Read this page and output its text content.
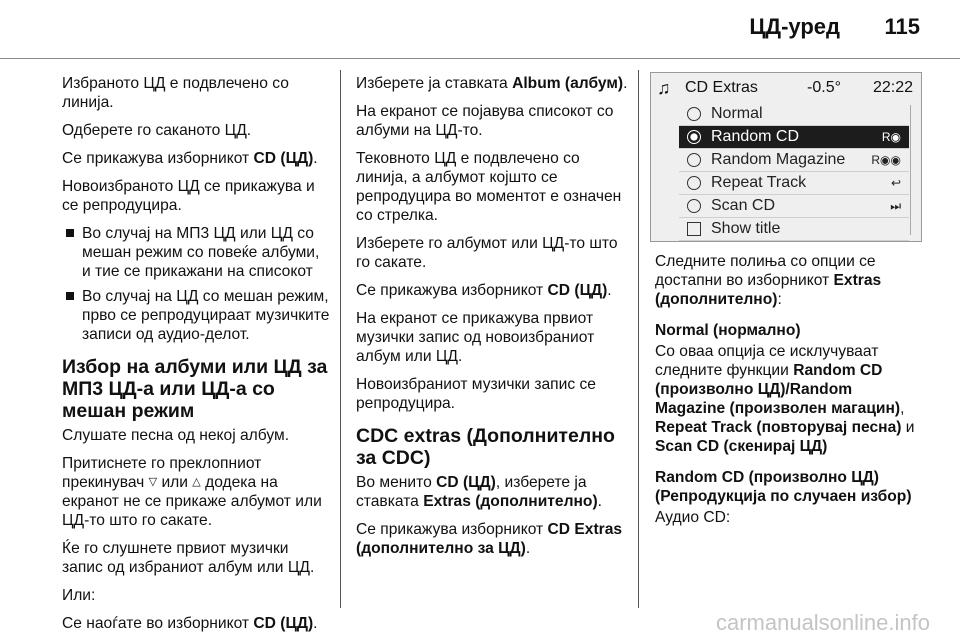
ЦД-уред 115

Избраното ЦД е подвлечено со линија.

Одберете го саканото ЦД.

Се прикажува изборникот CD (ЦД).

Новоизбраното ЦД се прикажува и се репродуцира.

Во случај на МП3 ЦД или ЦД со мешан режим со повеќе албуми, и тие се прикажани на списокот
Во случај на ЦД со мешан режим, прво се репродуцираат музичките записи од аудио-делот.
Избор на албуми или ЦД за МП3 ЦД-а или ЦД-а со мешан режим

Слушате песна од некој албум.

Притиснете го преклопниот прекинувач ▽ или △ додека на екранот не се прикаже албумот или ЦД-то што го сакате.

Ќе го слушнете првиот музички запис од избраниот албум или ЦД.

Или:

Се наоѓате во изборникот CD (ЦД).

Изберете ја ставката Album (албум).

На екранот се појавува списокот со албуми на ЦД-то.

Тековното ЦД е подвлечено со линија, а албумот којшто се репродуцира во моментот е означен со стрелка.

Изберете го албумот или ЦД-то што го сакате.

Се прикажува изборникот CD (ЦД).

На екранот се прикажува првиот музички запис од новоизбраниот албум или ЦД.

Новоизбраниот музички запис се репродуцира.

CDC extras (Дополнително за CDC)

Во менито CD (ЦД), изберете ја ставката Extras (дополнително).

Се прикажува изборникот CD Extras (дополнително за ЦД).

♫ CD Extras	-0.5° 22:22
Normal
Random CD	R◉
Random Magazine R◉◉
Repeat Track	↩
Scan CD	⏭
Show title

Следните полиња со опции се достапни во изборникот Extras (дополнително):

Normal (нормално)

Со оваа опција се исклучуваат следните функции Random CD (произволно ЦД)/Random Magazine (произволен магацин), Repeat Track (повторувај песна) и Scan CD (скенирај ЦД)

Random CD (произволно ЦД)
(Репродукција по случаен избор)

Аудио CD:

carmanualsonline.info
